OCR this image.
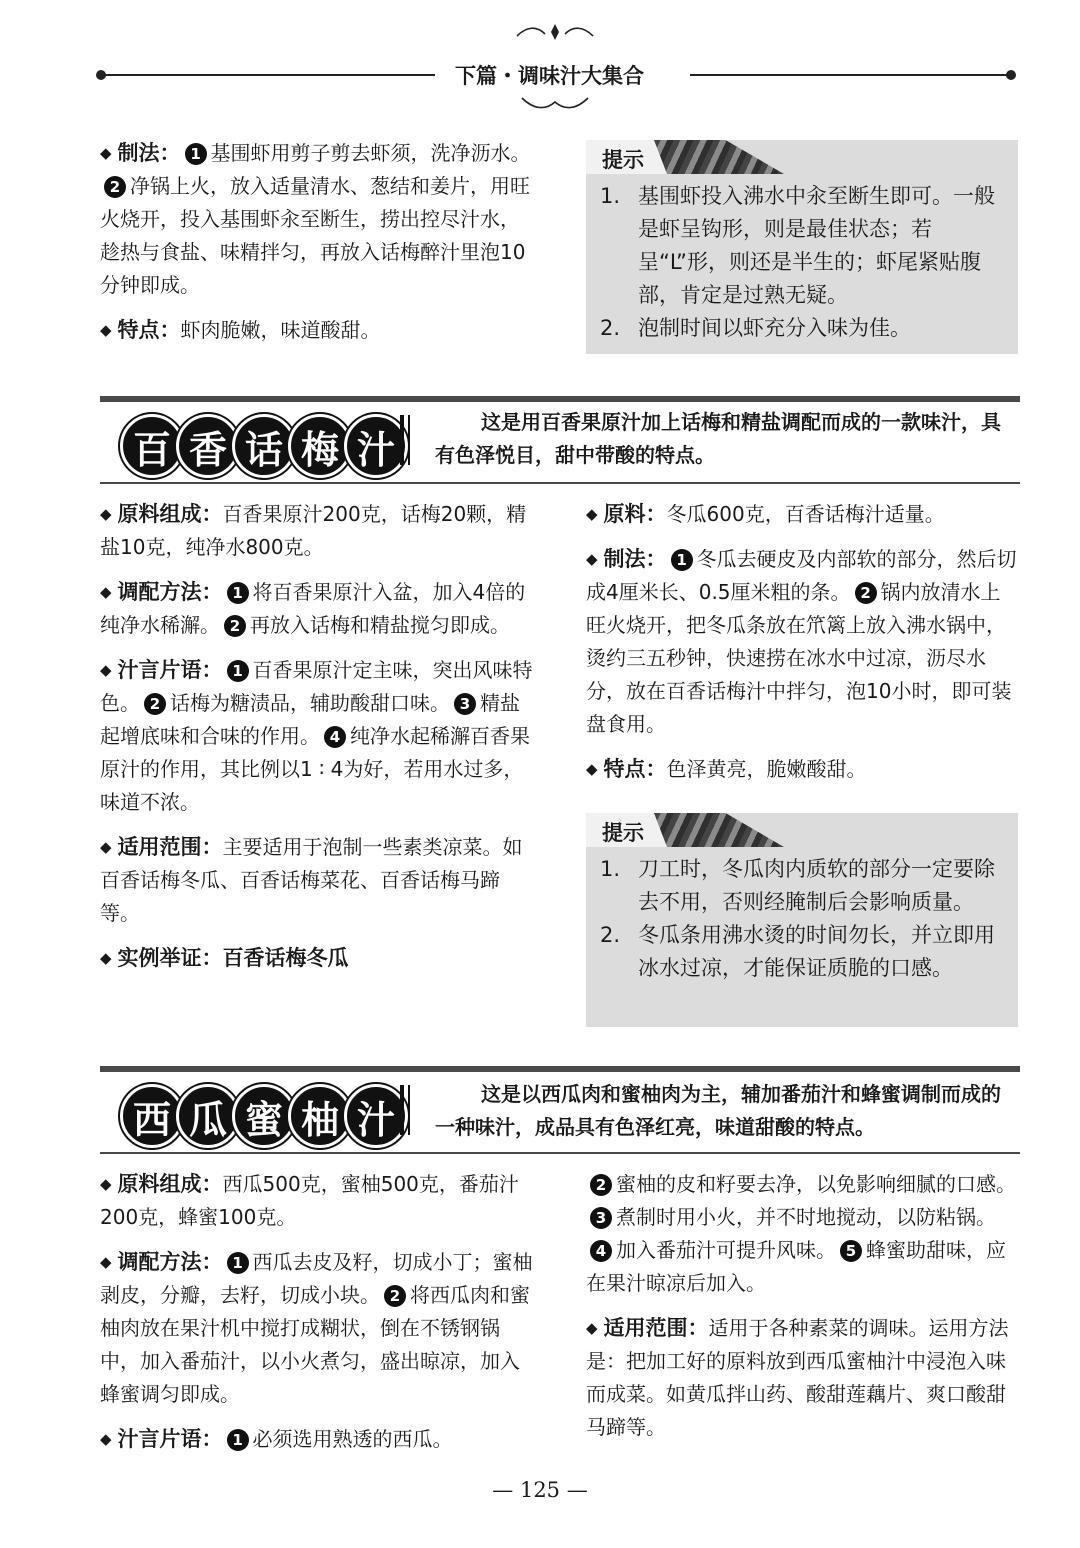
下篇・调味汁大集合

◆ 制法： 1 基围虾用剪子剪去虾须，洗净沥水。2 净锅上火，放入适量清水、葱结和姜片，用旺火烧开，投入基围虾汆至断生，捞出控尽汁水，趁热与食盐、味精拌匀，再放入话梅醉汁里泡10分钟即成。

◆ 特点：虾肉脆嫩，味道酸甜。

提示
1. 基围虾投入沸水中汆至断生即可。一般是虾呈钩形，则是最佳状态；若呈“L”形，则还是半生的；虾尾紧贴腹部，肯定是过熟无疑。
2. 泡制时间以虾充分入味为佳。
百 香 话 梅 汁
这是用百香果原汁加上话梅和精盐调配而成的一款味汁，具有色泽悦目，甜中带酸的特点。

◆ 原料组成：百香果原汁200克，话梅20颗，精盐10克，纯净水800克。

◆ 调配方法： 1 将百香果原汁入盆，加入4倍的纯净水稀澥。 2 再放入话梅和精盐搅匀即成。

◆ 汁言片语： 1 百香果原汁定主味，突出风味特色。 2 话梅为糖渍品，辅助酸甜口味。 3 精盐起增底味和合味的作用。 4 纯净水起稀澥百香果原汁的作用，其比例以1 ∶ 4为好，若用水过多，味道不浓。

◆ 适用范围：主要适用于泡制一些素类凉菜。如百香话梅冬瓜、百香话梅菜花、百香话梅马蹄等。

◆ 实例举证：百香话梅冬瓜

◆ 原料：冬瓜600克，百香话梅汁适量。

◆ 制法： 1 冬瓜去硬皮及内部软的部分，然后切成4厘米长、0.5厘米粗的条。 2 锅内放清水上旺火烧开，把冬瓜条放在笊篱上放入沸水锅中，烫约三五秒钟，快速捞在冰水中过凉，沥尽水分，放在百香话梅汁中拌匀，泡10小时，即可装盘食用。

◆ 特点：色泽黄亮，脆嫩酸甜。

提示
1. 刀工时，冬瓜肉内质软的部分一定要除去不用，否则经腌制后会影响质量。
2. 冬瓜条用沸水烫的时间勿长，并立即用冰水过凉，才能保证质脆的口感。
西 瓜 蜜 柚 汁
这是以西瓜肉和蜜柚肉为主，辅加番茄汁和蜂蜜调制而成的一种味汁，成品具有色泽红亮，味道甜酸的特点。

◆ 原料组成：西瓜500克，蜜柚500克，番茄汁200克，蜂蜜100克。

◆ 调配方法： 1 西瓜去皮及籽，切成小丁；蜜柚剥皮，分瓣，去籽，切成小块。 2 将西瓜肉和蜜柚肉放在果汁机中搅打成糊状，倒在不锈钢锅中，加入番茄汁，以小火煮匀，盛出晾凉，加入蜂蜜调匀即成。

◆ 汁言片语： 1 必须选用熟透的西瓜。

2 蜜柚的皮和籽要去净，以免影响细腻的口感。3 煮制时用小火，并不时地搅动，以防粘锅。4 加入番茄汁可提升风味。 5 蜂蜜助甜味，应在果汁晾凉后加入。

◆ 适用范围：适用于各种素菜的调味。运用方法是：把加工好的原料放到西瓜蜜柚汁中浸泡入味而成菜。如黄瓜拌山药、酸甜莲藕片、爽口酸甜马蹄等。

— 125 —
